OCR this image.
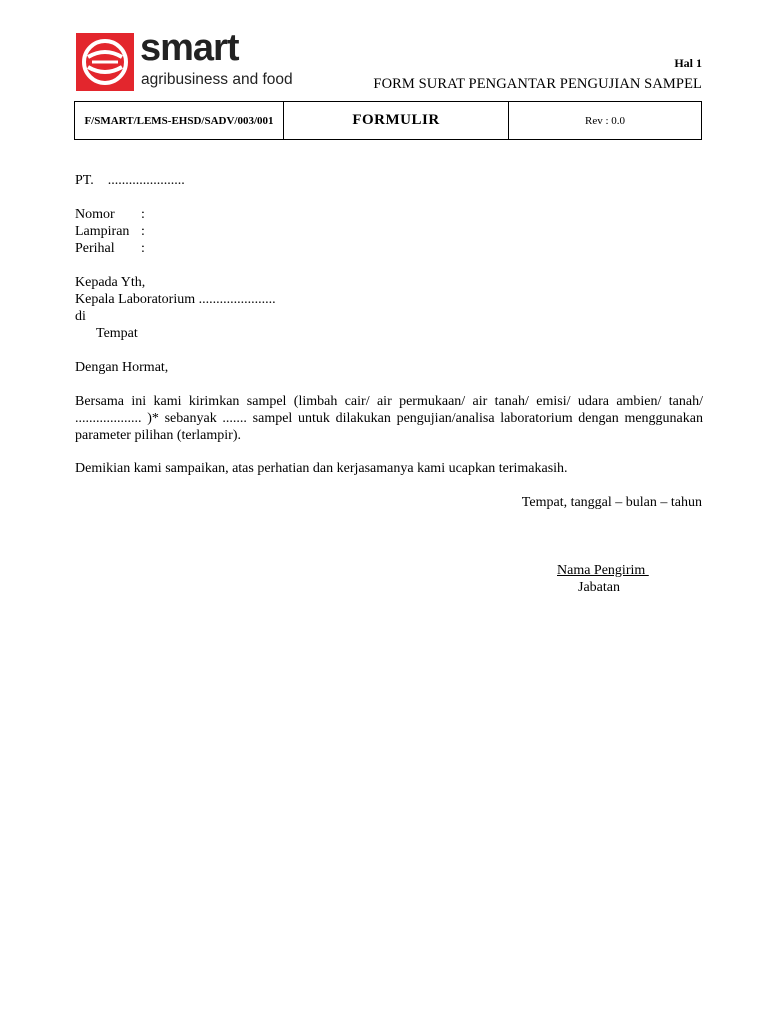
smart
agribusiness and food
Hal 1
FORM SURAT PENGANTAR PENGUJIAN SAMPEL
F/SMART/LEMS-EHSD/SADV/003/001	FORMULIR	Rev : 0.0
PT.    ......................
Nomor :
Lampiran :
Perihal :
Kepada Yth,
Kepala Laboratorium ......................
di
Tempat
Dengan Hormat,
Bersama ini kami kirimkan sampel (limbah cair/ air permukaan/ air tanah/ emisi/ udara ambien/ tanah/ ................... )* sebanyak ....... sampel untuk dilakukan pengujian/analisa laboratorium dengan menggunakan parameter pilihan (terlampir).
Demikian kami sampaikan, atas perhatian dan kerjasamanya kami ucapkan terimakasih.
Tempat, tanggal – bulan – tahun
Nama Pengirim
Jabatan
